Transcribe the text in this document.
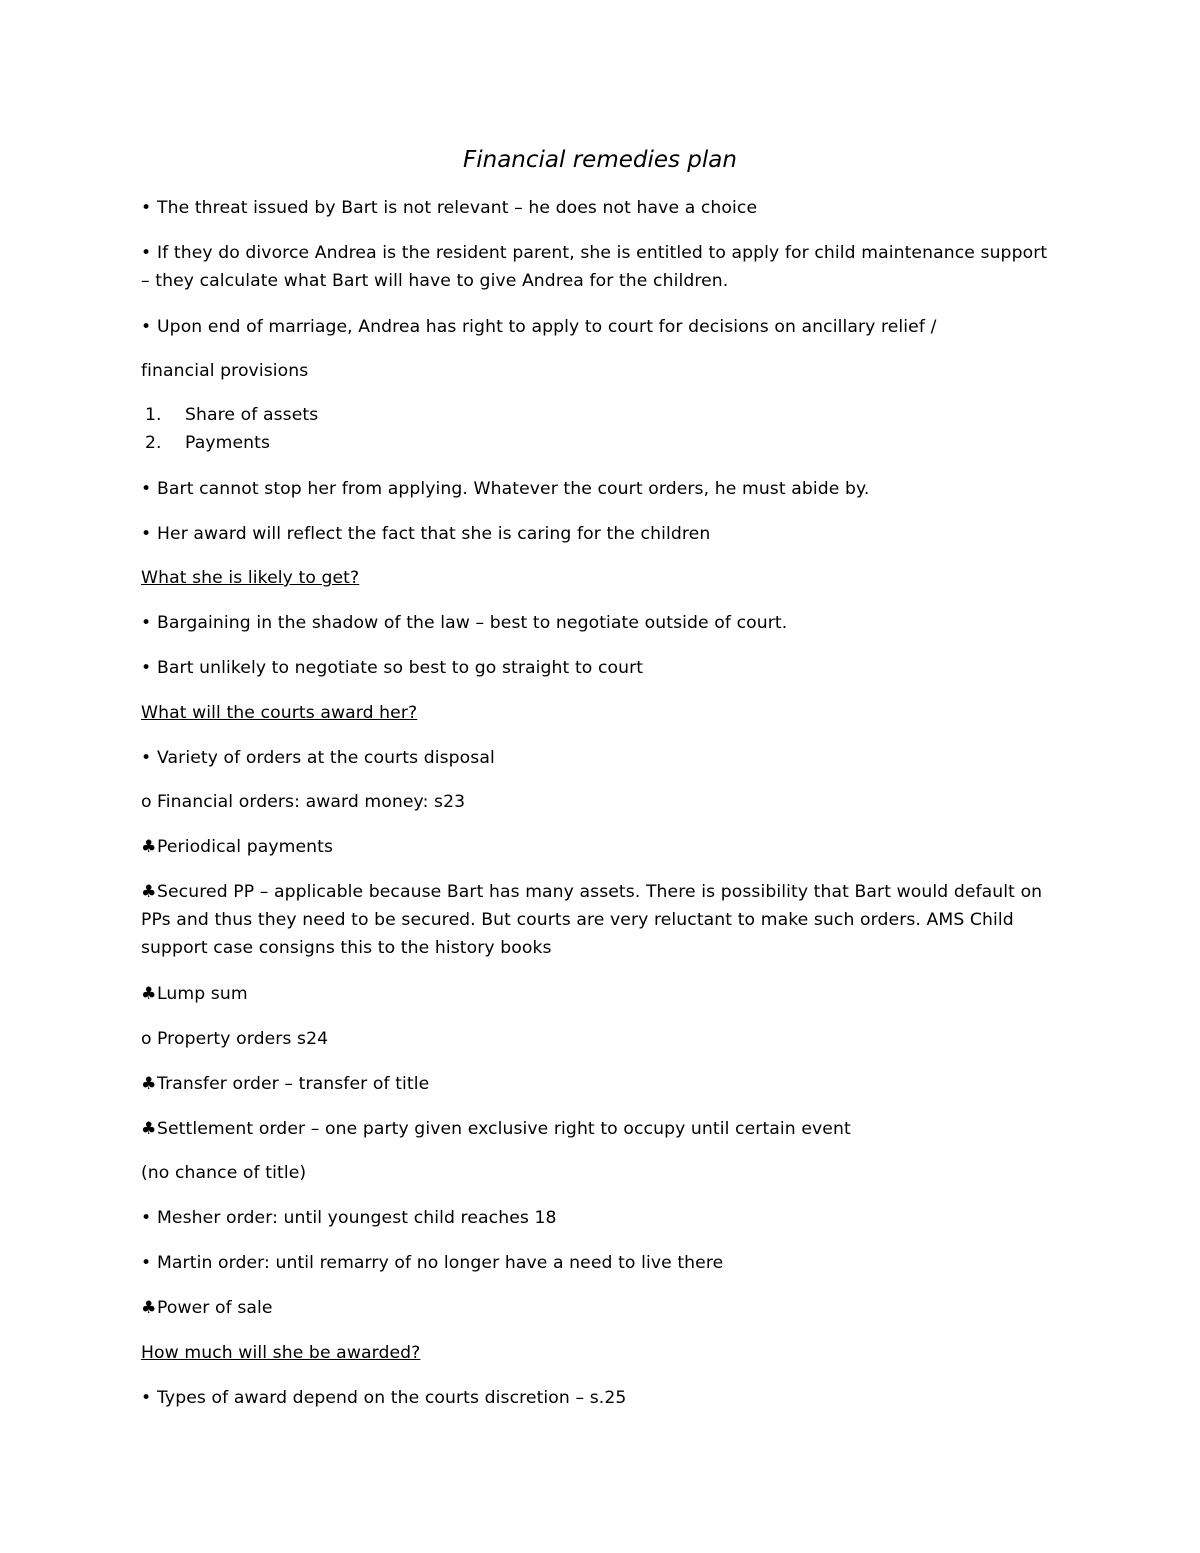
Financial remedies plan
• The threat issued by Bart is not relevant – he does not have a choice
• If they do divorce Andrea is the resident parent, she is entitled to apply for child maintenance support
– they calculate what Bart will have to give Andrea for the children.
• Upon end of marriage, Andrea has right to apply to court for decisions on ancillary relief /
financial provisions
1. Share of assets
2. Payments
• Bart cannot stop her from applying. Whatever the court orders, he must abide by.
• Her award will reflect the fact that she is caring for the children
What she is likely to get?
• Bargaining in the shadow of the law – best to negotiate outside of court.
• Bart unlikely to negotiate so best to go straight to court
What will the courts award her?
• Variety of orders at the courts disposal
o Financial orders: award money: s23
♣Periodical payments
♣Secured PP – applicable because Bart has many assets. There is possibility that Bart would default on
PPs and thus they need to be secured. But courts are very reluctant to make such orders. AMS Child
support case consigns this to the history books
♣Lump sum
o Property orders s24
♣Transfer order – transfer of title
♣Settlement order – one party given exclusive right to occupy until certain event
(no chance of title)
• Mesher order: until youngest child reaches 18
• Martin order: until remarry of no longer have a need to live there
♣Power of sale
How much will she be awarded?
• Types of award depend on the courts discretion – s.25
